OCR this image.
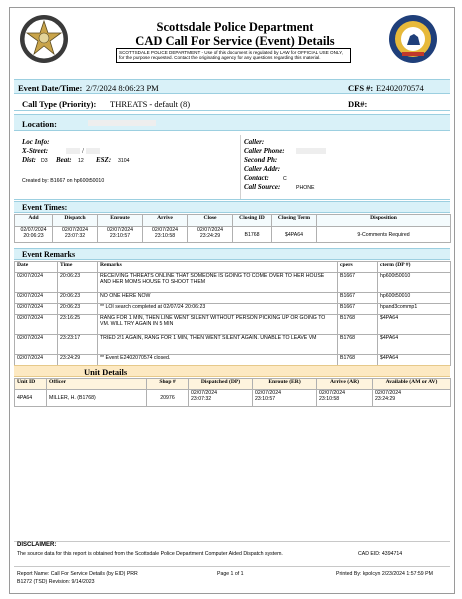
Scottsdale Police Department
CAD Call For Service (Event) Details
SCOTTSDALE POLICE DEPARTMENT - Use of this document is regulated by LAW for OFFICIAL USE ONLY, for the purpose requested. Contact the originating agency for any questions regarding this material.
Event Date/Time: 2/7/2024 8:06:23 PM	CFS #: E2402070574
Call Type (Priority): THREATS - default (8)	DR#:
Location:
Loc Info:
X-Street:	/
Dist: D3 Beat: 12 ESZ: 3104
Created by: B1667 on hp600t50010
Caller:
Caller Phone:
Second Ph:
Caller Addr:
Contact:	C
Call Source:	PHONE
Event Times:
Add	Dispatch	Enroute	Arrive	Close	Closing ID	Closing Term	Disposition
02/07/2024
20:06:23	02/07/2024
23:07:32	02/07/2024
23:10:57	02/07/2024
23:10:58	02/07/2024
23:24:29	B1768	$4PA64	9-Comments Required
Event Remarks
Date	Time	Remarks	cpers	cterm (DP #)
02/07/2024	20:06:23	RECEIVING THREATS ONLINE THAT SOMEONE IS GOING TO COME OVER TO HER HOUSE AND HER MOMS HOUSE TO SHOOT THEM	B1667	hp600t50010
02/07/2024	20:06:23	NO ONE HERE NOW	B1667	hp600t50010
02/07/2024	20:06:23	** LOI search completed at 02/07/24 20:06:23	B1667	hpand3commp1
02/07/2024	23:16:25	RANG FOR 1 MIN, THEN LINE WENT SILENT WITHOUT PERSON PICKING UP OR GOING TO VM. WILL TRY AGAIN IN 5 MIN	B1768	$4PA64
02/07/2024	23:23:17	TRIED 2!1 AGAIN, RANG FOR 1 MIN, THEN WENT SILENT AGAIN. UNABLE TO LEAVE VM	B1768	$4PA64
02/07/2024	23:24:29	** Event E2402070574 closed.	B1768	$4PA64
Unit Details
Unit ID	Officer	Shop #	Dispatched (DP)	Enroute (ER)	Arrive (AR)	Available (AM or AV)
4PA64	MILLER, H. (B1768)	20976	02/07/2024
23:07:32	02/07/2024
23:10:57	02/07/2024
23:10:58	02/07/2024
23:24:29
DISCLAIMER:
The source data for this report is obtained from the Scottsdale Police Department Computer Aided Dispatch system.	CAD EID: 4394714
Report Name: Call For Service Details (by EID) PRR
B1272 (TSD) Revision: 9/14/2023
Page 1 of 1	Printed By: kpolcyn 2/23/2024 1:57:59 PM
